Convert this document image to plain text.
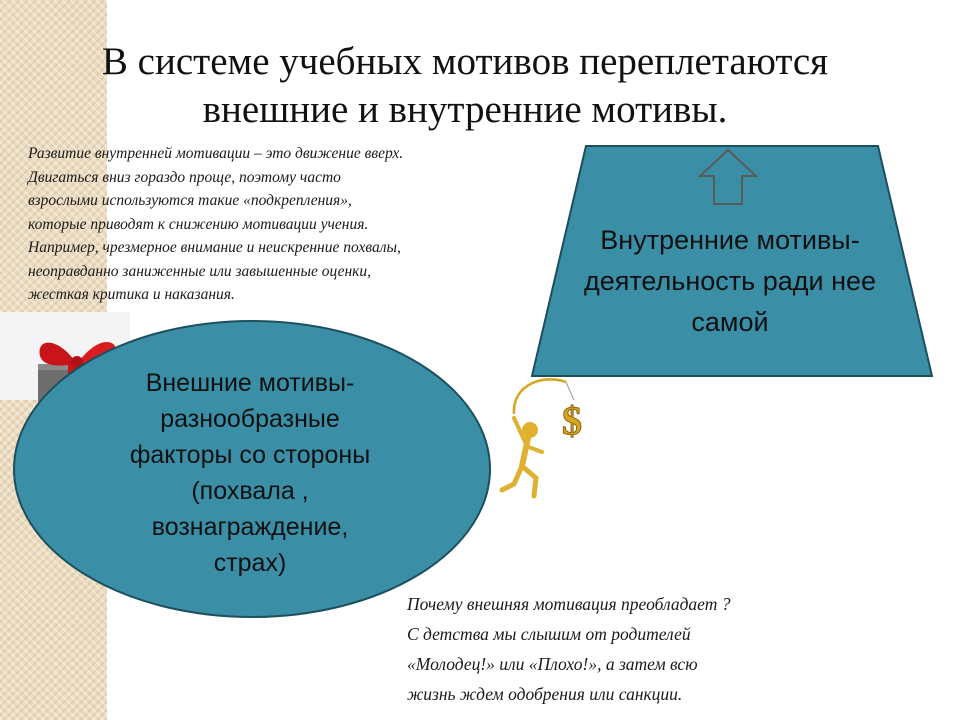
В системе учебных мотивов переплетаются
внешние и внутренние мотивы.

Развитие внутренней мотивации – это движение вверх.
Двигаться вниз гораздо проще, поэтому часто
взрослыми используются такие «подкрепления»,
которые приводят к снижению мотивации учения.
Например, чрезмерное внимание и неискренние похвалы,
неоправданно заниженные или завышенные оценки,
жесткая критика и наказания.

Внутренние мотивы-
деятельность ради нее
самой
Внешние мотивы-
разнообразные
факторы со стороны
(похвала ,
вознаграждение,
страх)
$

Почему внешняя мотивация преобладает ?
С детства мы слышим от родителей
«Молодец!» или «Плохо!», а затем всю
жизнь ждем одобрения или санкции.
